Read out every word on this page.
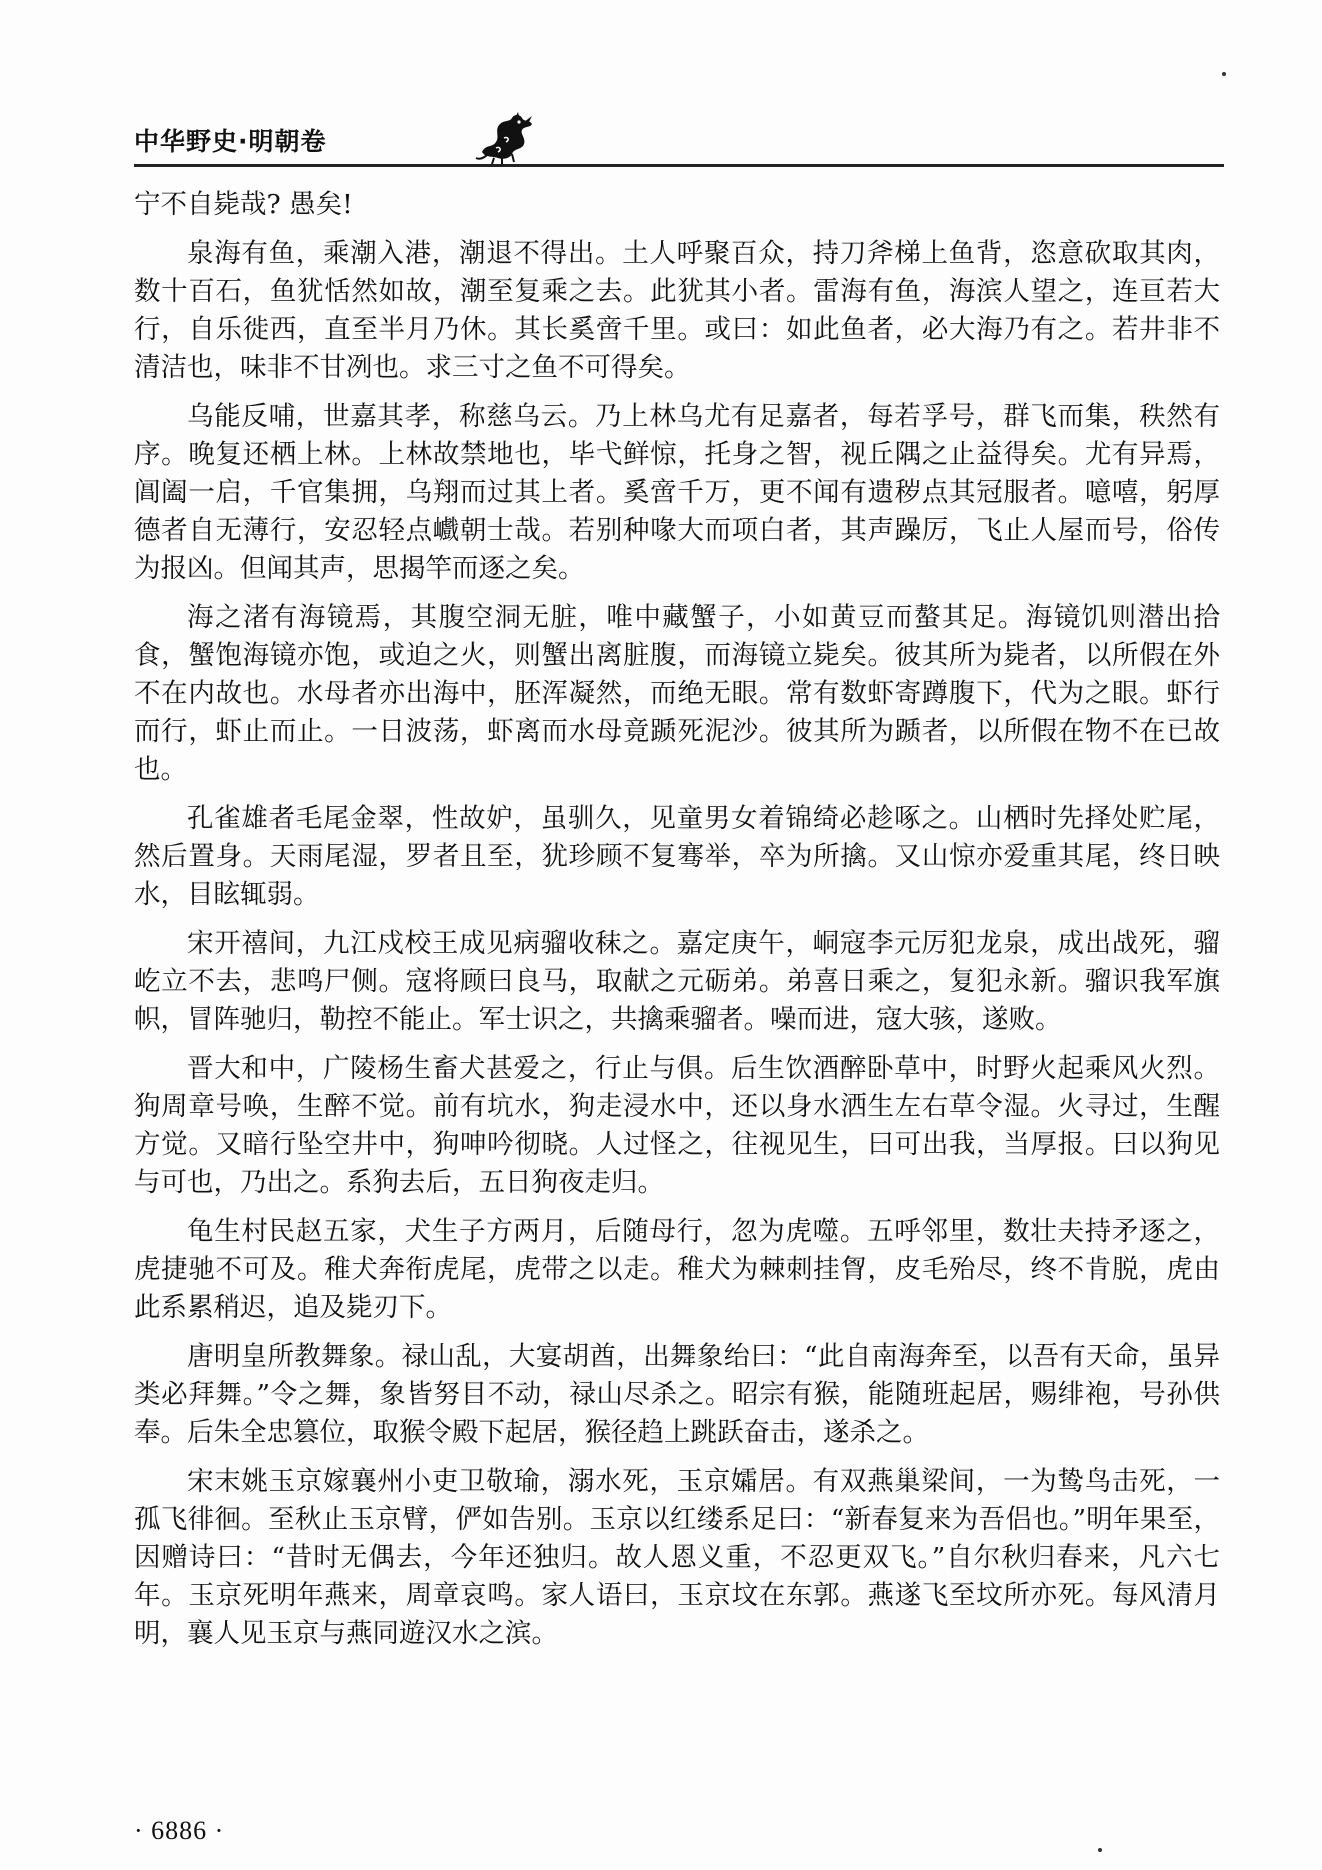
中华野史·明朝卷

宁不自毙哉? 愚矣!

泉海有鱼，乘潮入港，潮退不得出。土人呼聚百众，持刀斧梯上鱼背，恣意砍取其肉，数十百石，鱼犹恬然如故，潮至复乘之去。此犹其小者。雷海有鱼，海滨人望之，连亘若大行，自乐徙西，直至半月乃休。其长奚啻千里。或曰：如此鱼者，必大海乃有之。若井非不清洁也，味非不甘冽也。求三寸之鱼不可得矣。

乌能反哺，世嘉其孝，称慈乌云。乃上林乌尤有足嘉者，每若孚号，群飞而集，秩然有序。晚复还栖上林。上林故禁地也，毕弋鲜惊，托身之智，视丘隅之止益得矣。尤有异焉，阊阖一启，千官集拥，乌翔而过其上者。奚啻千万，更不闻有遗秽点其冠服者。噫嘻，躬厚德者自无薄行，安忍轻点巇朝士哉。若别种喙大而项白者，其声躁厉，飞止人屋而号，俗传为报凶。但闻其声，思揭竿而逐之矣。

海之渚有海镜焉，其腹空洞无脏，唯中藏蟹子，小如黄豆而螯其足。海镜饥则潜出拾食，蟹饱海镜亦饱，或迫之火，则蟹出离脏腹，而海镜立毙矣。彼其所为毙者，以所假在外不在内故也。水母者亦出海中，胚浑凝然，而绝无眼。常有数虾寄蹲腹下，代为之眼。虾行而行，虾止而止。一日波荡，虾离而水母竟踬死泥沙。彼其所为踬者，以所假在物不在已故也。

孔雀雄者毛尾金翠，性故妒，虽驯久，见童男女着锦绮必趁啄之。山栖时先择处贮尾，然后置身。天雨尾湿，罗者且至，犹珍顾不复骞举，卒为所擒。又山惊亦爱重其尾，终日映水，目眩辄弱。

宋开禧间，九江戍校王成见病骝收秣之。嘉定庚午，峒寇李元厉犯龙泉，成出战死，骝屹立不去，悲鸣尸侧。寇将顾曰良马，取献之元砺弟。弟喜日乘之，复犯永新。骝识我军旗帜，冒阵驰归，勒控不能止。军士识之，共擒乘骝者。噪而进，寇大骇，遂败。

晋大和中，广陵杨生畜犬甚爱之，行止与俱。后生饮酒醉卧草中，时野火起乘风火烈。狗周章号唤，生醉不觉。前有坑水，狗走浸水中，还以身水洒生左右草令湿。火寻过，生醒方觉。又暗行坠空井中，狗呻吟彻晓。人过怪之，往视见生，曰可出我，当厚报。曰以狗见与可也，乃出之。系狗去后，五日狗夜走归。

龟生村民赵五家，犬生子方两月，后随母行，忽为虎噬。五呼邻里，数壮夫持矛逐之，虎捷驰不可及。稚犬奔衔虎尾，虎带之以走。稚犬为棘刺挂胷，皮毛殆尽，终不肯脱，虎由此系累稍迟，追及毙刃下。

唐明皇所教舞象。禄山乱，大宴胡酋，出舞象绐曰：“此自南海奔至，以吾有天命，虽异类必拜舞。”令之舞，象皆努目不动，禄山尽杀之。昭宗有猴，能随班起居，赐绯袍，号孙供奉。后朱全忠篡位，取猴令殿下起居，猴径趋上跳跃奋击，遂杀之。

宋末姚玉京嫁襄州小吏卫敬瑜，溺水死，玉京孀居。有双燕巢梁间，一为鸷鸟击死，一孤飞徘徊。至秋止玉京臂，俨如告别。玉京以红缕系足曰：“新春复来为吾侣也。”明年果至，因赠诗曰：“昔时无偶去，今年还独归。故人恩义重，不忍更双飞。”自尔秋归春来，凡六七年。玉京死明年燕来，周章哀鸣。家人语曰，玉京坟在东郭。燕遂飞至坟所亦死。每风清月明，襄人见玉京与燕同遊汉水之滨。

· 6886 ·
